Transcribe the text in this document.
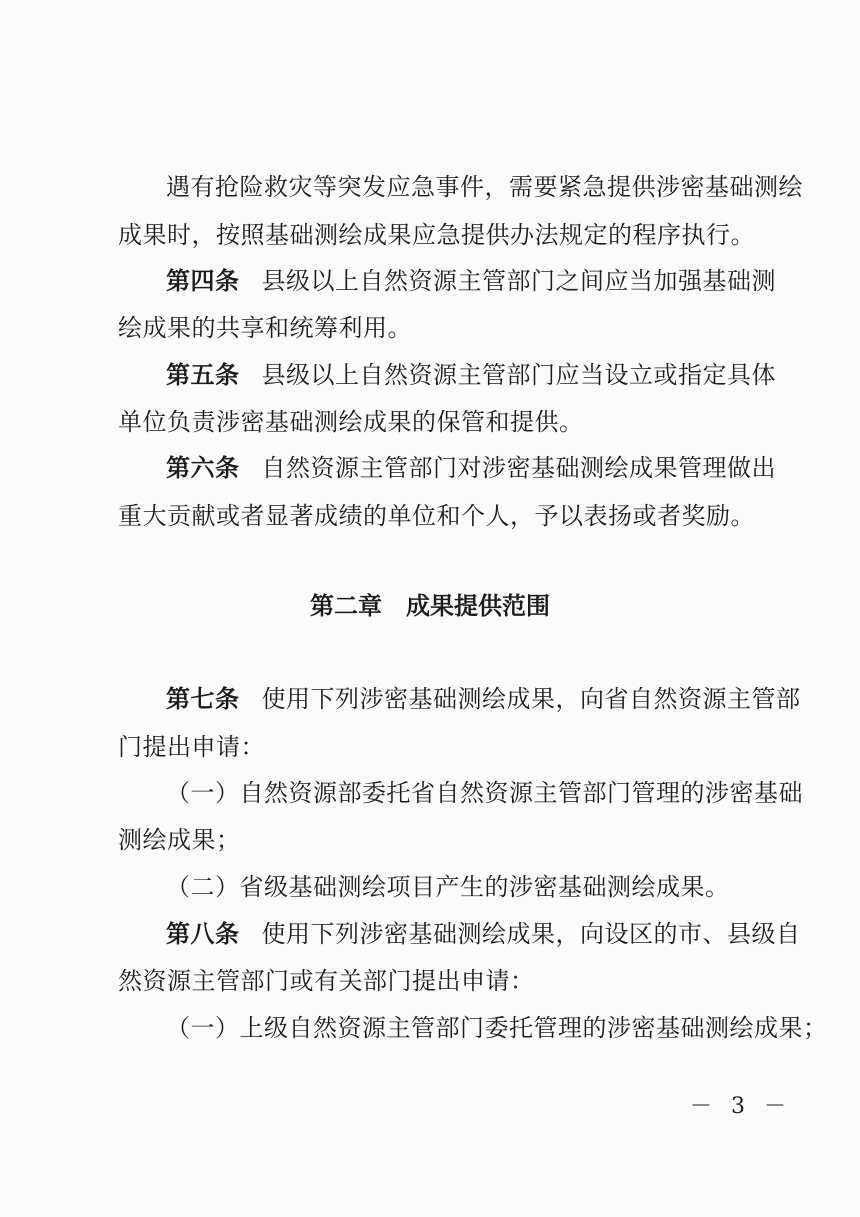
遇有抢险救灾等突发应急事件，需要紧急提供涉密基础测绘
成果时，按照基础测绘成果应急提供办法规定的程序执行。
第四条 县级以上自然资源主管部门之间应当加强基础测
绘成果的共享和统筹利用。
第五条 县级以上自然资源主管部门应当设立或指定具体
单位负责涉密基础测绘成果的保管和提供。
第六条 自然资源主管部门对涉密基础测绘成果管理做出
重大贡献或者显著成绩的单位和个人，予以表扬或者奖励。
第二章 成果提供范围
第七条 使用下列涉密基础测绘成果，向省自然资源主管部
门提出申请：
（一）自然资源部委托省自然资源主管部门管理的涉密基础
测绘成果；
（二）省级基础测绘项目产生的涉密基础测绘成果。
第八条 使用下列涉密基础测绘成果，向设区的市、县级自
然资源主管部门或有关部门提出申请：
（一）上级自然资源主管部门委托管理的涉密基础测绘成果；
－ 3 －
